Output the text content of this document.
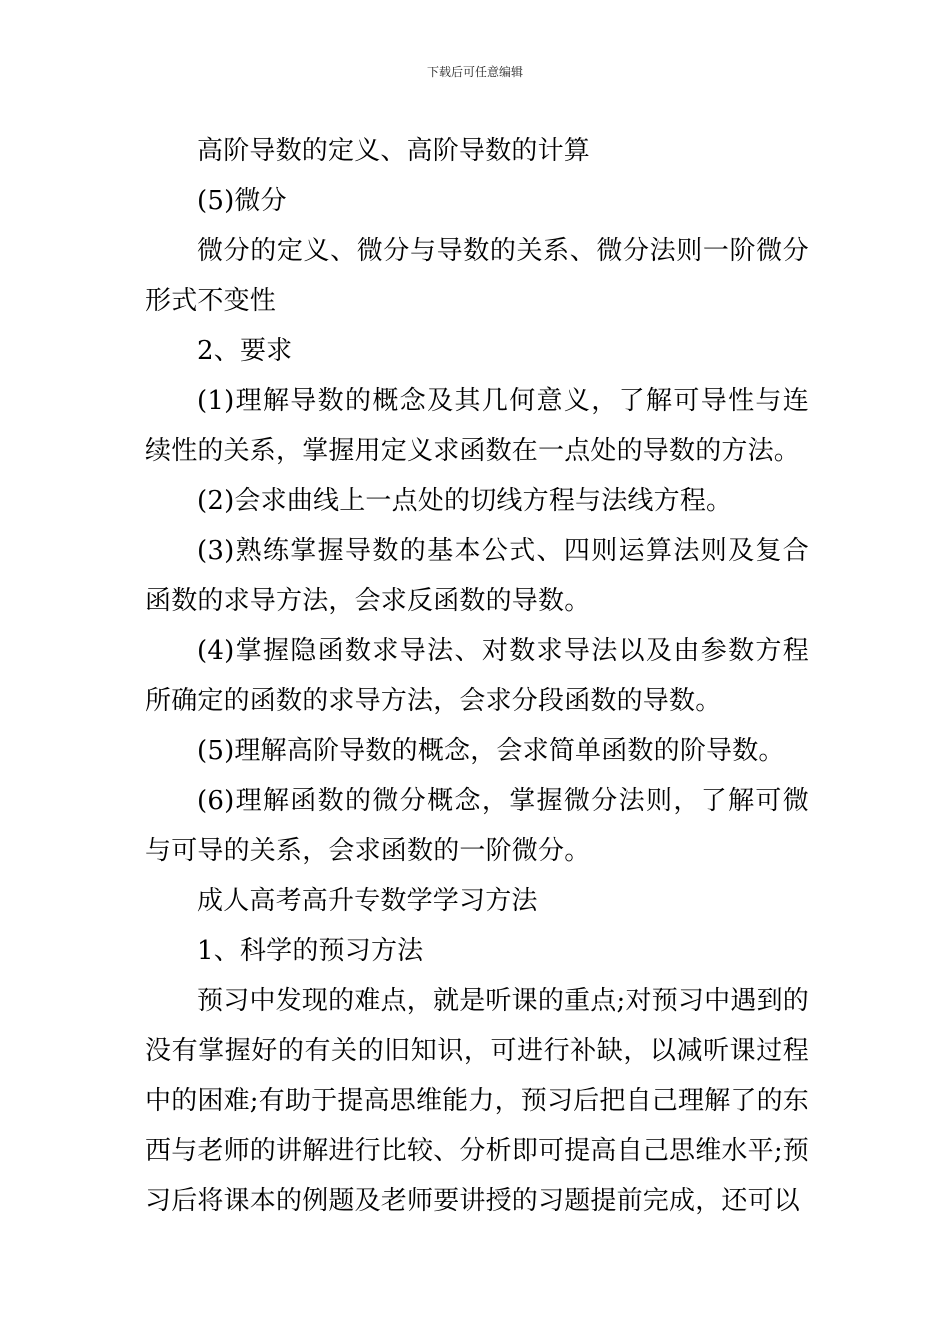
下载后可任意编辑

高阶导数的定义、高阶导数的计算

(5)微分

微分的定义、微分与导数的关系、微分法则一阶微分形式不变性

2、要求

(1)理解导数的概念及其几何意义，了解可导性与连续性的关系，掌握用定义求函数在一点处的导数的方法。

(2)会求曲线上一点处的切线方程与法线方程。

(3)熟练掌握导数的基本公式、四则运算法则及复合函数的求导方法，会求反函数的导数。

(4)掌握隐函数求导法、对数求导法以及由参数方程所确定的函数的求导方法，会求分段函数的导数。

(5)理解高阶导数的概念，会求简单函数的阶导数。

(6)理解函数的微分概念，掌握微分法则，了解可微与可导的关系，会求函数的一阶微分。

成人高考高升专数学学习方法

1、科学的预习方法

预习中发现的难点，就是听课的重点;对预习中遇到的没有掌握好的有关的旧知识，可进行补缺，以减听课过程中的困难;有助于提高思维能力，预习后把自己理解了的东西与老师的讲解进行比较、分析即可提高自己思维水平;预习后将课本的例题及老师要讲授的习题提前完成，还可以
